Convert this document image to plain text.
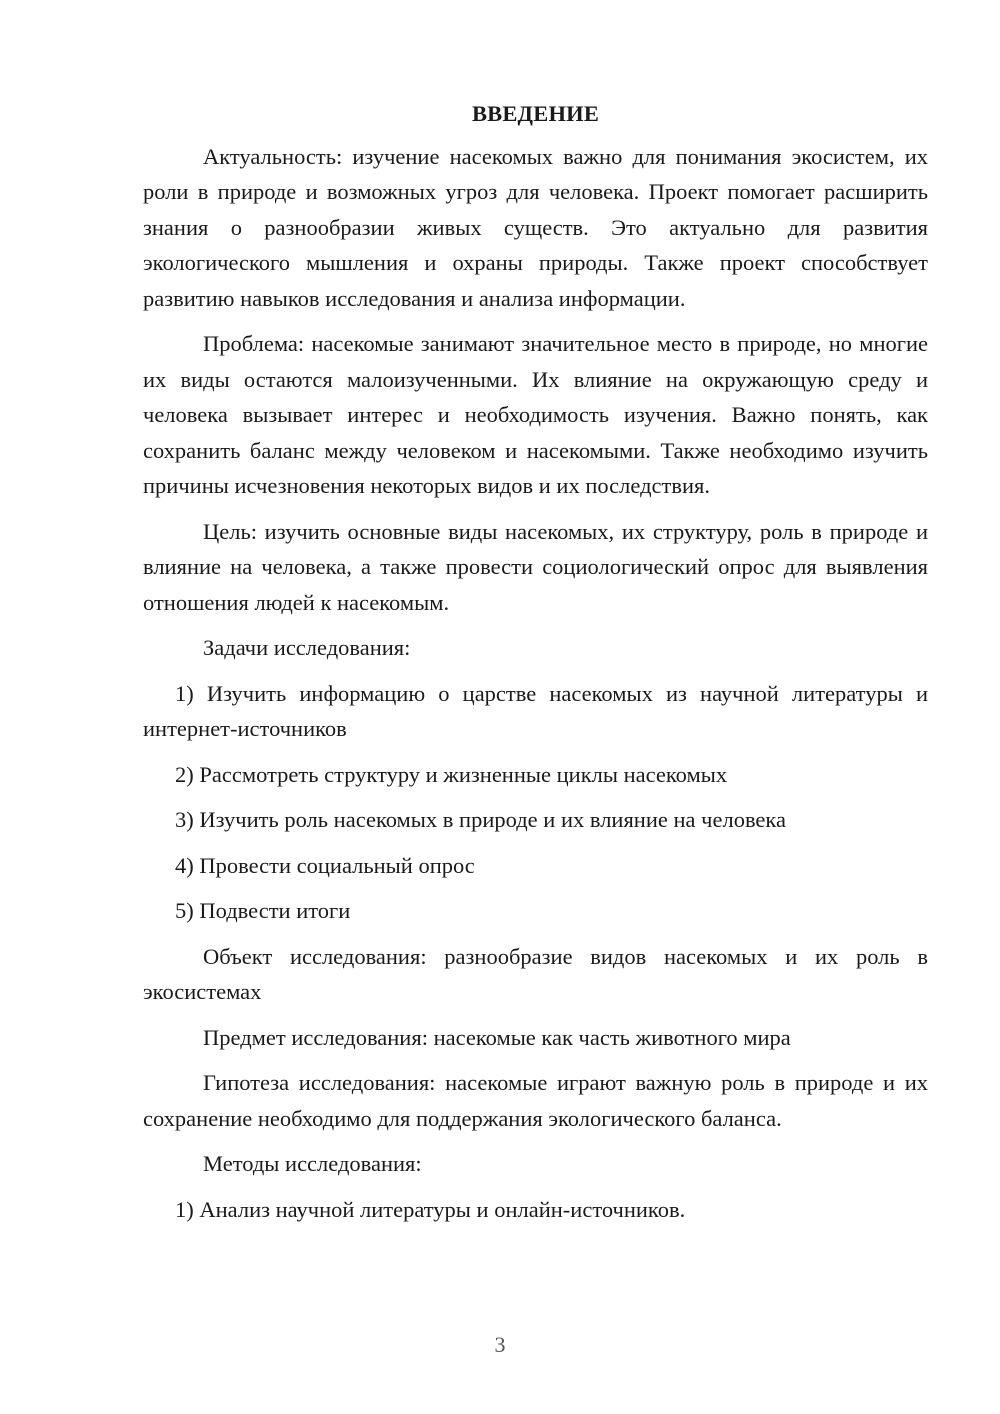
ВВЕДЕНИЕ

Актуальность: изучение насекомых важно для понимания экосистем, их роли в природе и возможных угроз для человека. Проект помогает расширить знания о разнообразии живых существ. Это актуально для развития экологического мышления и охраны природы. Также проект способствует развитию навыков исследования и анализа информации.

Проблема: насекомые занимают значительное место в природе, но многие их виды остаются малоизученными. Их влияние на окружающую среду и человека вызывает интерес и необходимость изучения. Важно понять, как сохранить баланс между человеком и насекомыми. Также необходимо изучить причины исчезновения некоторых видов и их последствия.

Цель: изучить основные виды насекомых, их структуру, роль в природе и влияние на человека, а также провести социологический опрос для выявления отношения людей к насекомым.

Задачи исследования:

1) Изучить информацию о царстве насекомых из научной литературы и интернет-источников

2) Рассмотреть структуру и жизненные циклы насекомых

3) Изучить роль насекомых в природе и их влияние на человека

4) Провести социальный опрос

5) Подвести итоги

Объект исследования: разнообразие видов насекомых и их роль в экосистемах

Предмет исследования: насекомые как часть животного мира

Гипотеза исследования: насекомые играют важную роль в природе и их сохранение необходимо для поддержания экологического баланса.

Методы исследования:

1) Анализ научной литературы и онлайн-источников.

3
